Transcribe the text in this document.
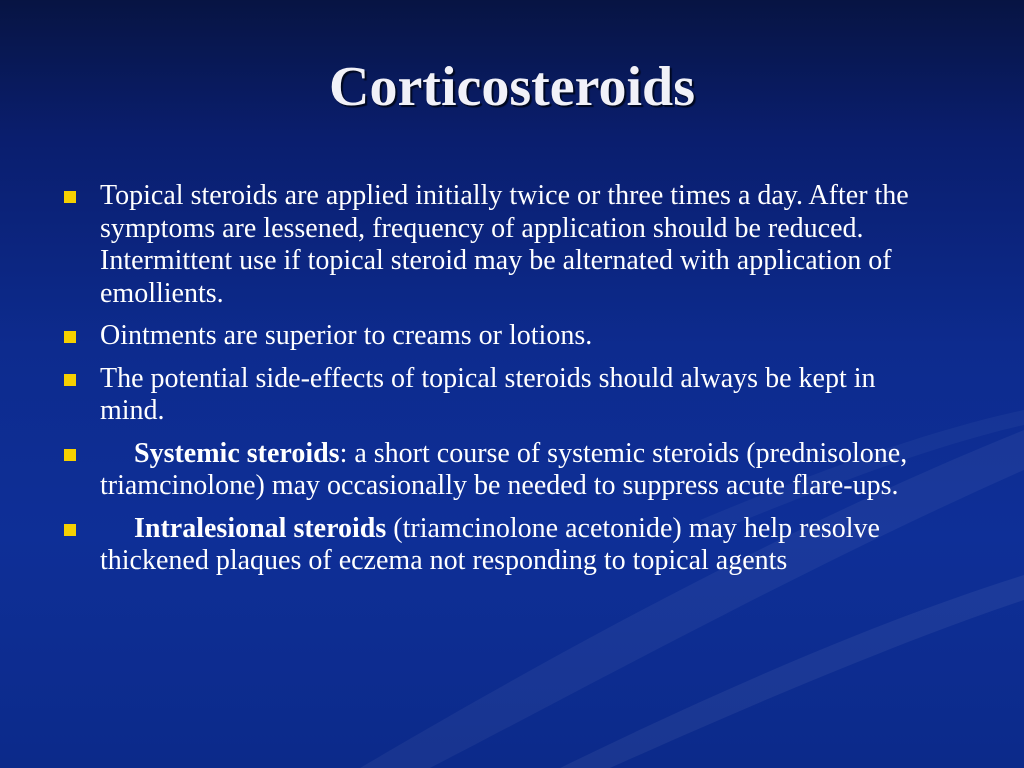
Corticosteroids
Topical steroids are applied initially twice or three times a day. After the symptoms are lessened, frequency of application should be reduced. Intermittent use if topical steroid may be alternated with application of emollients.
Ointments are superior to creams or lotions.
The potential side-effects of topical steroids should always be kept in mind.
Systemic steroids: a short course of systemic steroids (prednisolone, triamcinolone) may occasionally be needed to suppress acute flare-ups.
Intralesional steroids (triamcinolone acetonide) may help resolve thickened plaques of eczema not responding to topical agents
